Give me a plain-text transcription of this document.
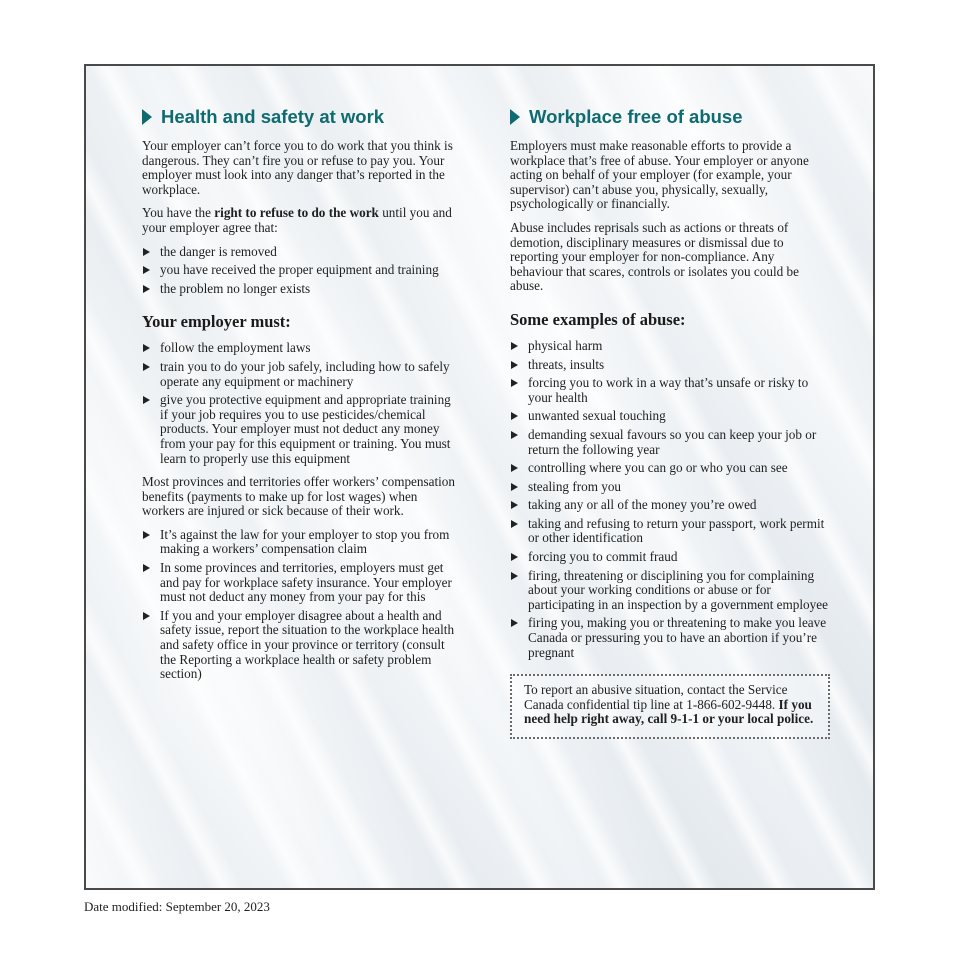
Health and safety at work

Your employer can’t force you to do work that you think is dangerous. They can’t fire you or refuse to pay you. Your employer must look into any danger that’s reported in the workplace.

You have the right to refuse to do the work until you and your employer agree that:

the danger is removed
you have received the proper equipment and training
the problem no longer exists
Your employer must:
follow the employment laws
train you to do your job safely, including how to safely operate any equipment or machinery
give you protective equipment and appropriate training if your job requires you to use pesticides/chemical products. Your employer must not deduct any money from your pay for this equipment or training. You must learn to properly use this equipment

Most provinces and territories offer workers’ compensation benefits (payments to make up for lost wages) when workers are injured or sick because of their work.

It’s against the law for your employer to stop you from making a workers’ compensation claim
In some provinces and territories, employers must get and pay for workplace safety insurance. Your employer must not deduct any money from your pay for this
If you and your employer disagree about a health and safety issue, report the situation to the workplace health and safety office in your province or territory (consult the Reporting a workplace health or safety problem section)
Workplace free of abuse

Employers must make reasonable efforts to provide a workplace that’s free of abuse. Your employer or anyone acting on behalf of your employer (for example, your supervisor) can’t abuse you, physically, sexually, psychologically or financially.

Abuse includes reprisals such as actions or threats of demotion, disciplinary measures or dismissal due to reporting your employer for non-compliance. Any behaviour that scares, controls or isolates you could be abuse.

Some examples of abuse:
physical harm
threats, insults
forcing you to work in a way that’s unsafe or risky to your health
unwanted sexual touching
demanding sexual favours so you can keep your job or return the following year
controlling where you can go or who you can see
stealing from you
taking any or all of the money you’re owed
taking and refusing to return your passport, work permit or other identification
forcing you to commit fraud
firing, threatening or disciplining you for complaining about your working conditions or abuse or for participating in an inspection by a government employee
firing you, making you or threatening to make you leave Canada or pressuring you to have an abortion if you’re pregnant
To report an abusive situation, contact the Service Canada confidential tip line at 1-866-602-9448. If you need help right away, call 9-1-1 or your local police.
Date modified: September 20, 2023
